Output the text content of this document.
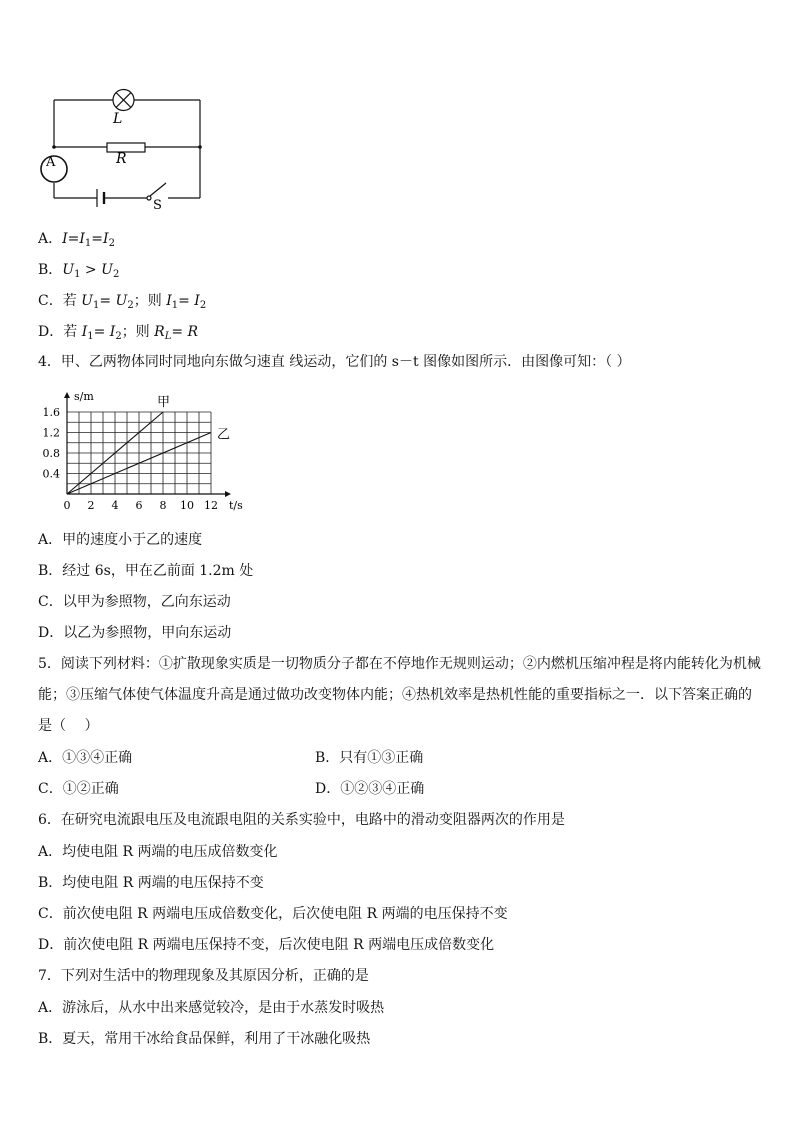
L
R
A
S
A．$I=I_1=I_2$
B．$U_1 > U_2$
C．若 $U_1= U_2$；则 $I_1= I_2$
D．若 $I_1= I_2$；则 $R_L= R$
4．甲、乙两物体同时同地向东做匀速直 线运动，它们的 s－t 图像如图所示．由图像可知：（ ）
s/m
t/s
0 2 4 6 8 10 12
0.4
0.8
1.2
1.6
甲
乙
A．甲的速度小于乙的速度
B．经过 6s，甲在乙前面 1.2m 处
C．以甲为参照物，乙向东运动
D．以乙为参照物，甲向东运动
5．阅读下列材料：①扩散现象实质是一切物质分子都在不停地作无规则运动；②内燃机压缩冲程是将内能转化为机械
能；③压缩气体使气体温度升高是通过做功改变物体内能；④热机效率是热机性能的重要指标之一．以下答案正确的
是（　 ）
A．①③④正确	B．只有①③正确
C．①②正确	D．①②③④正确
6．在研究电流跟电压及电流跟电阻的关系实验中，电路中的滑动变阻器两次的作用是
A．均使电阻 R 两端的电压成倍数变化
B．均使电阻 R 两端的电压保持不变
C．前次使电阻 R 两端电压成倍数变化，后次使电阻 R 两端的电压保持不变
D．前次使电阻 R 两端电压保持不变，后次使电阻 R 两端电压成倍数变化
7．下列对生活中的物理现象及其原因分析，正确的是
A．游泳后，从水中出来感觉较冷，是由于水蒸发时吸热
B．夏天，常用干冰给食品保鲜，利用了干冰融化吸热
